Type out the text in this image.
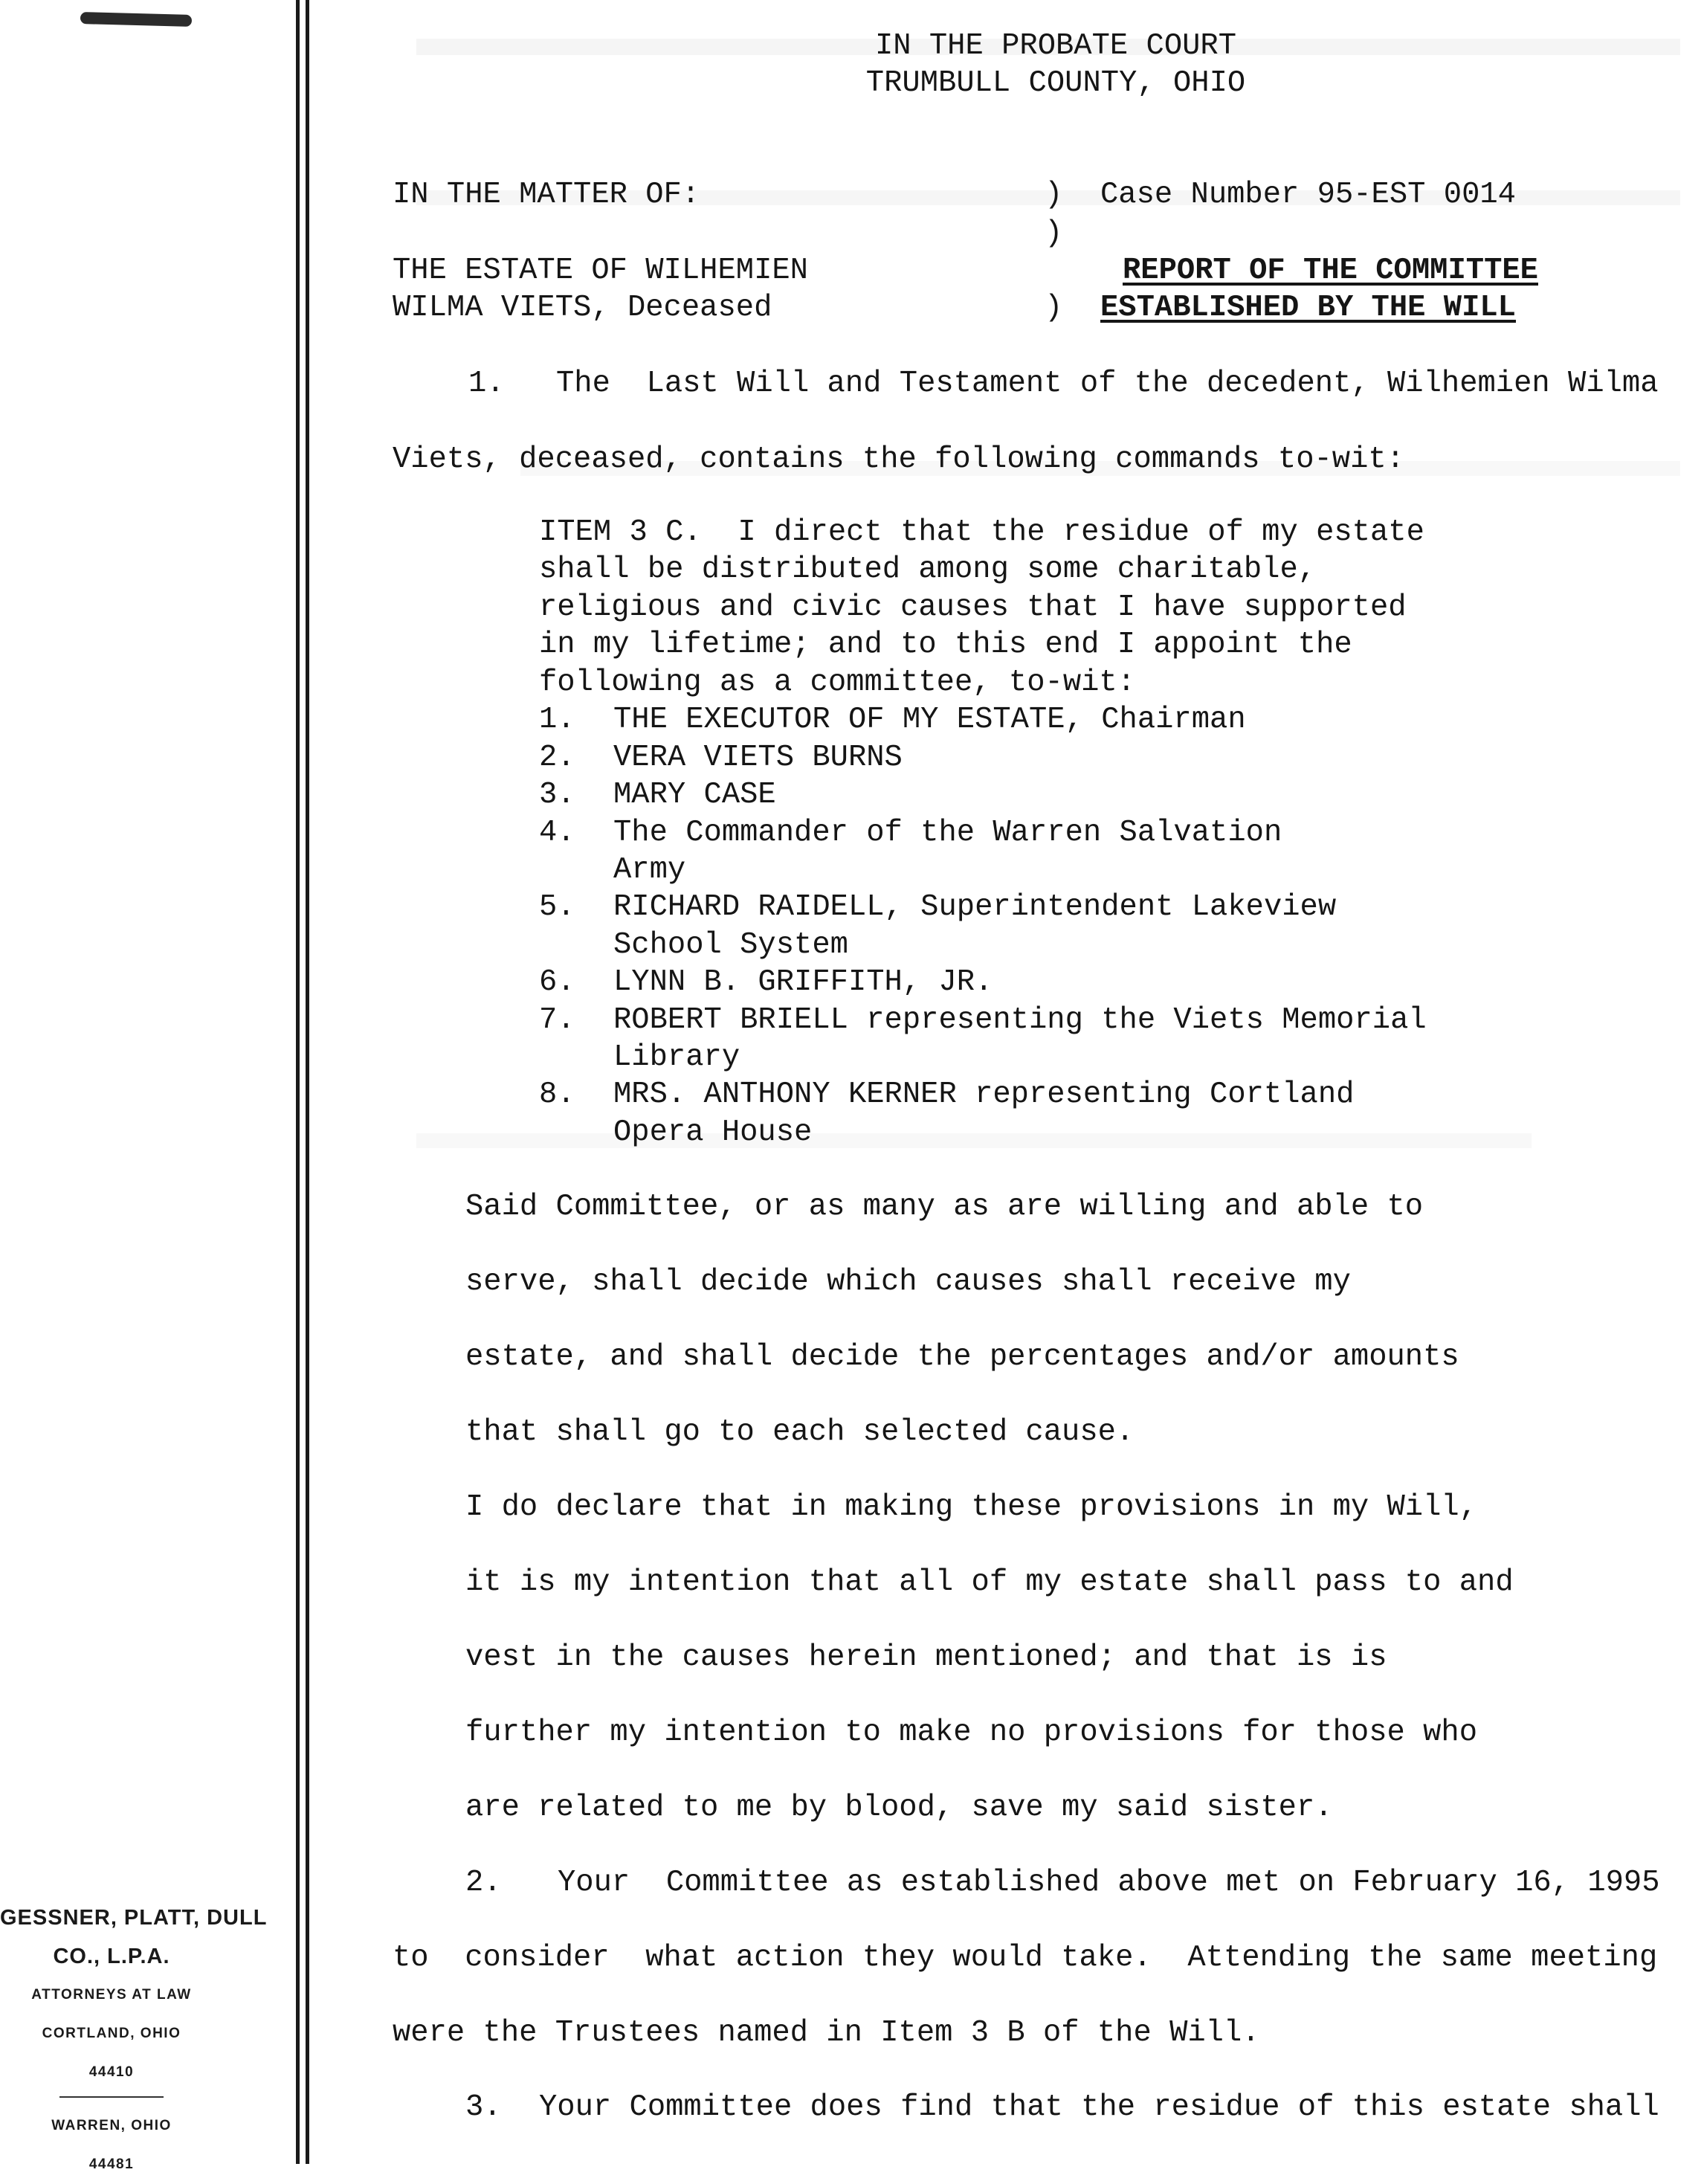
GESSNER, PLATT, DULL
CO., L.P.A.
ATTORNEYS AT LAW
CORTLAND, OHIO
44410
WARREN, OHIO
44481
IN THE PROBATE COURT
TRUMBULL COUNTY, OHIO
IN THE MATTER OF:	) Case Number 95-EST 0014
)
THE ESTATE OF WILHEMIEN	REPORT OF THE COMMITTEE
WILMA VIETS, Deceased	) ESTABLISHED BY THE WILL
1. The  Last Will and Testament of the decedent, Wilhemien Wilma
Viets, deceased, contains the following commands to-wit:
ITEM 3 C.  I direct that the residue of my estate
shall be distributed among some charitable,
religious and civic causes that I have supported
in my lifetime; and to this end I appoint the
following as a committee, to-wit:
1. THE EXECUTOR OF MY ESTATE, Chairman
2. VERA VIETS BURNS
3. MARY CASE
4. The Commander of the Warren Salvation
Army
5. RICHARD RAIDELL, Superintendent Lakeview
School System
6. LYNN B. GRIFFITH, JR.
7. ROBERT BRIELL representing the Viets Memorial
Library
8. MRS. ANTHONY KERNER representing Cortland
Opera House
Said Committee, or as many as are willing and able to
serve, shall decide which causes shall receive my
estate, and shall decide the percentages and/or amounts
that shall go to each selected cause.
I do declare that in making these provisions in my Will,
it is my intention that all of my estate shall pass to and
vest in the causes herein mentioned; and that is is
further my intention to make no provisions for those who
are related to me by blood, save my said sister.
2. Your  Committee as established above met on February 16, 1995
to  consider  what action they would take.  Attending the same meeting
were the Trustees named in Item 3 B of the Will.
3. Your Committee does find that the residue of this estate shall
